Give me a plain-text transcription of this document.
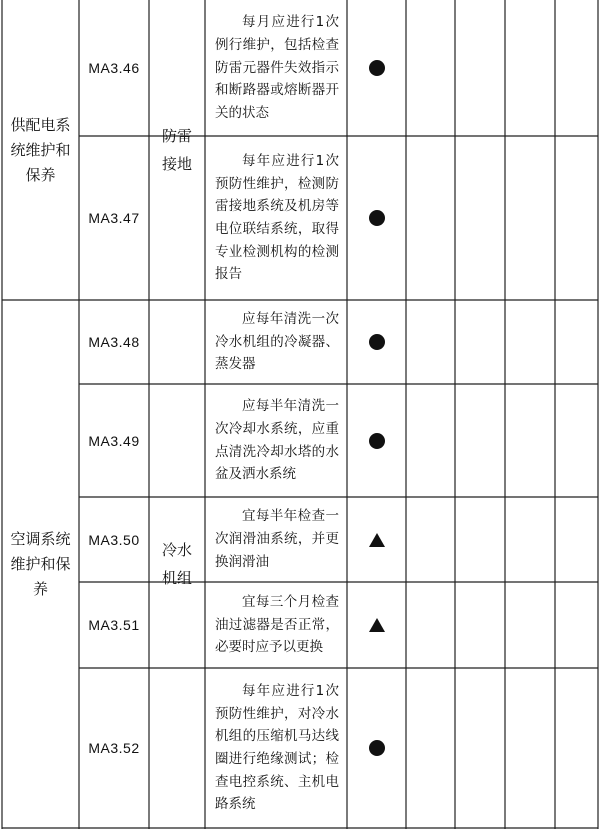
供配电系统维护和保养
空调系统维护和保养
防雷接地
冷水机组
MA3.46
每月应进行1次例行维护，包括检查防雷元器件失效指示和断路器或熔断器开关的状态
MA3.47
每年应进行1次预防性维护，检测防雷接地系统及机房等电位联结系统，取得专业检测机构的检测报告
MA3.48
应每年清洗一次冷水机组的冷凝器、蒸发器
MA3.49
应每半年清洗一次冷却水系统，应重点清洗冷却水塔的水盆及洒水系统
MA3.50
宜每半年检查一次润滑油系统，并更换润滑油
MA3.51
宜每三个月检查油过滤器是否正常，必要时应予以更换
MA3.52
每年应进行1次预防性维护，对冷水机组的压缩机马达线圈进行绝缘测试；检查电控系统、主机电路系统
